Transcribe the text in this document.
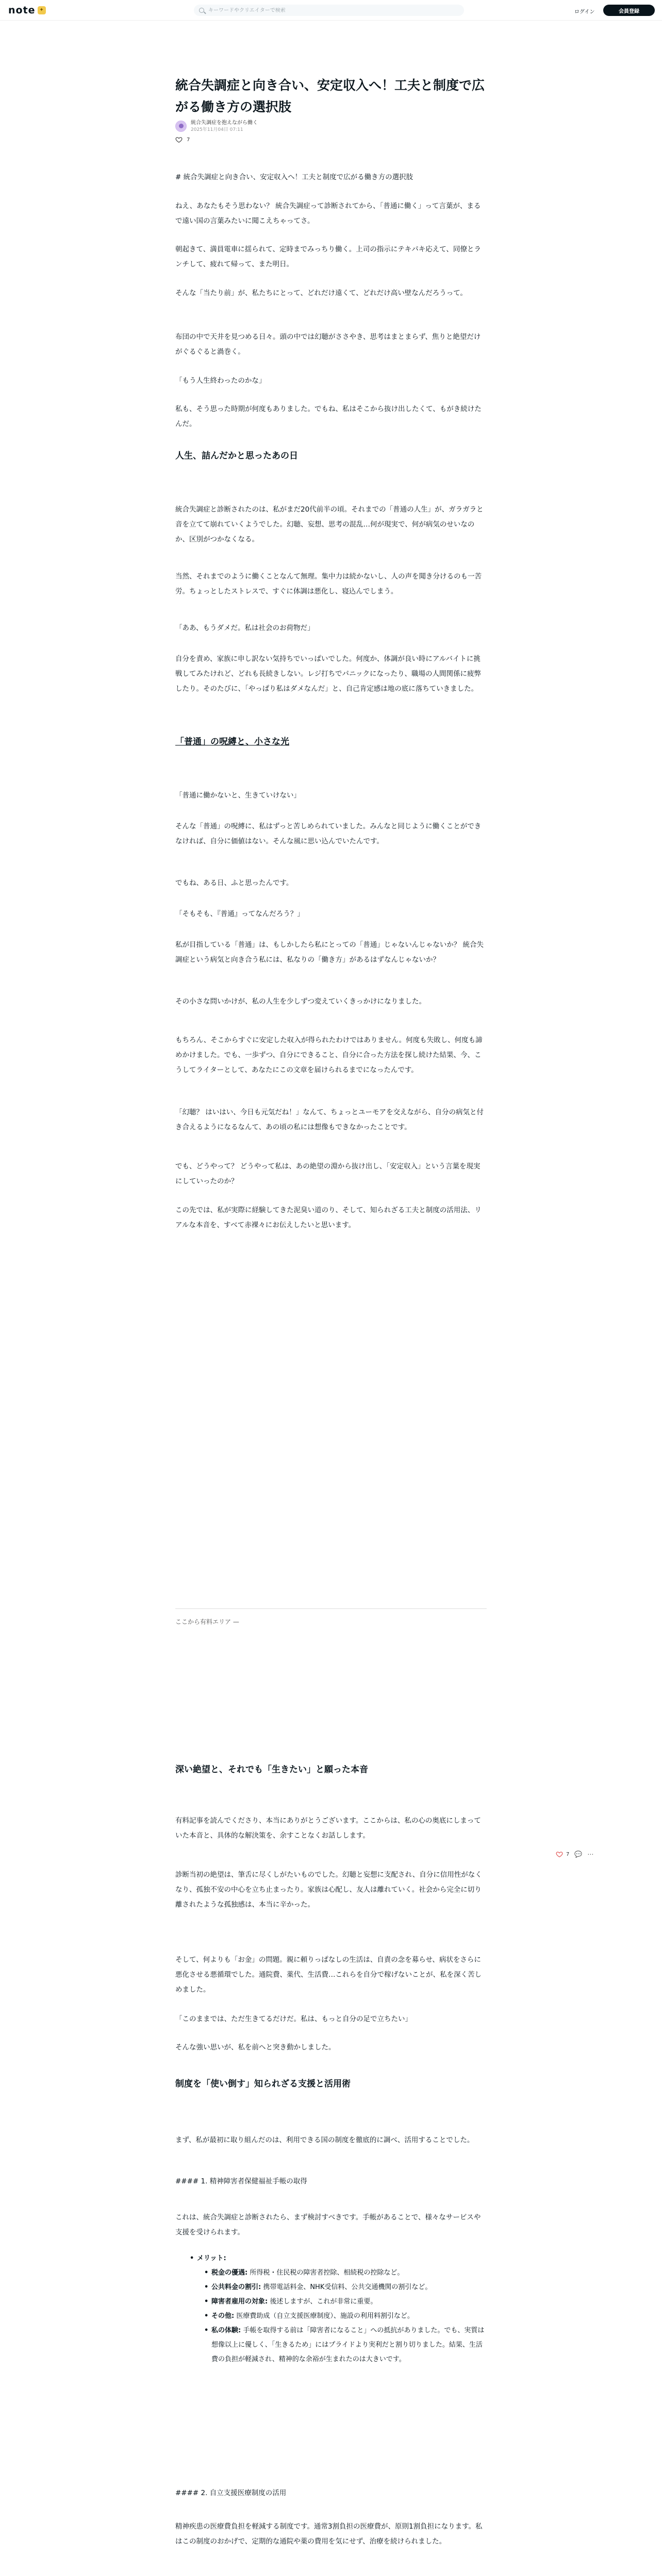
note ✦
キーワードやクリエイターで検索	ログイン	会員登録
統合失調症と向き合い、安定収入へ！工夫と制度で広がる働き方の選択肢
統合失調症を抱えながら働く
2025年11月04日 07:11
7

# 統合失調症と向き合い、安定収入へ！工夫と制度で広がる働き方の選択肢

ねえ、あなたもそう思わない？ 統合失調症って診断されてから、「普通に働く」って言葉が、まるで遠い国の言葉みたいに聞こえちゃってさ。

朝起きて、満員電車に揺られて、定時までみっちり働く。上司の指示にテキパキ応えて、同僚とランチして、疲れて帰って、また明日。

そんな「当たり前」が、私たちにとって、どれだけ遠くて、どれだけ高い壁なんだろうって。

布団の中で天井を見つめる日々。頭の中では幻聴がささやき、思考はまとまらず、焦りと絶望だけがぐるぐると渦巻く。

「もう人生終わったのかな」

私も、そう思った時期が何度もありました。でもね、私はそこから抜け出したくて、もがき続けたんだ。

人生、詰んだかと思ったあの日

統合失調症と診断されたのは、私がまだ20代前半の頃。それまでの「普通の人生」が、ガラガラと音を立てて崩れていくようでした。幻聴、妄想、思考の混乱…何が現実で、何が病気のせいなのか、区別がつかなくなる。

当然、それまでのように働くことなんて無理。集中力は続かないし、人の声を聞き分けるのも一苦労。ちょっとしたストレスで、すぐに体調は悪化し、寝込んでしまう。

「ああ、もうダメだ。私は社会のお荷物だ」

自分を責め、家族に申し訳ない気持ちでいっぱいでした。何度か、体調が良い時にアルバイトに挑戦してみたけれど、どれも長続きしない。レジ打ちでパニックになったり、職場の人間関係に疲弊したり。そのたびに、「やっぱり私はダメなんだ」と、自己肯定感は地の底に落ちていきました。

「普通」の呪縛と、小さな光

「普通に働かないと、生きていけない」

そんな「普通」の呪縛に、私はずっと苦しめられていました。みんなと同じように働くことができなければ、自分に価値はない。そんな風に思い込んでいたんです。

でもね、ある日、ふと思ったんです。

「そもそも、『普通』ってなんだろう？」

私が目指している「普通」は、もしかしたら私にとっての「普通」じゃないんじゃないか？ 統合失調症という病気と向き合う私には、私なりの「働き方」があるはずなんじゃないか？

その小さな問いかけが、私の人生を少しずつ変えていくきっかけになりました。

もちろん、そこからすぐに安定した収入が得られたわけではありません。何度も失敗し、何度も諦めかけました。でも、一歩ずつ、自分にできること、自分に合った方法を探し続けた結果、今、こうしてライターとして、あなたにこの文章を届けられるまでになったんです。

「幻聴？ はいはい、今日も元気だね！」なんて、ちょっとユーモアを交えながら、自分の病気と付き合えるようになるなんて、あの頃の私には想像もできなかったことです。

でも、どうやって？ どうやって私は、あの絶望の淵から抜け出し、「安定収入」という言葉を現実にしていったのか？

この先では、私が実際に経験してきた泥臭い道のり、そして、知られざる工夫と制度の活用法、リアルな本音を、すべて赤裸々にお伝えしたいと思います。

ここから有料エリア —
深い絶望と、それでも「生きたい」と願った本音

有料記事を読んでくださり、本当にありがとうございます。ここからは、私の心の奥底にしまっていた本音と、具体的な解決策を、余すことなくお話しします。

診断当初の絶望は、筆舌に尽くしがたいものでした。幻聴と妄想に支配され、自分に信用性がなくなり、孤独不安の中心を立ち止まったり。家族は心配し、友人は離れていく。社会から完全に切り離されたような孤独感は、本当に辛かった。

そして、何よりも「お金」の問題。親に頼りっぱなしの生活は、自責の念を募らせ、病状をさらに悪化させる悪循環でした。通院費、薬代、生活費…これらを自分で稼げないことが、私を深く苦しめました。

「このままでは、ただ生きてるだけだ。私は、もっと自分の足で立ちたい」

そんな強い思いが、私を前へと突き動かしました。

制度を「使い倒す」知られざる支援と活用術

まず、私が最初に取り組んだのは、利用できる国の制度を徹底的に調べ、活用することでした。

#### 1. 精神障害者保健福祉手帳の取得

これは、統合失調症と診断されたら、まず検討すべきです。手帳があることで、様々なサービスや支援を受けられます。

• メリット:
• 税金の優遇: 所得税・住民税の障害者控除、相続税の控除など。
• 公共料金の割引: 携帯電話料金、NHK受信料、公共交通機関の割引など。
• 障害者雇用の対象: 後述しますが、これが非常に重要。
• その他: 医療費助成（自立支援医療制度）、施設の利用料割引など。
• 私の体験: 手帳を取得する前は「障害者になること」への抵抗がありました。でも、実質は想像以上に優しく、「生きるため」にはプライドより実利だと割り切りました。結果、生活費の負担が軽減され、精神的な余裕が生まれたのは大きいです。

#### 2. 自立支援医療制度の活用

精神疾患の医療費負担を軽減する制度です。通常3割負担の医療費が、原則1割負担になります。私はこの制度のおかげで、定期的な通院や薬の費用を気にせず、治療を続けられました。

7 💬 ⋯
